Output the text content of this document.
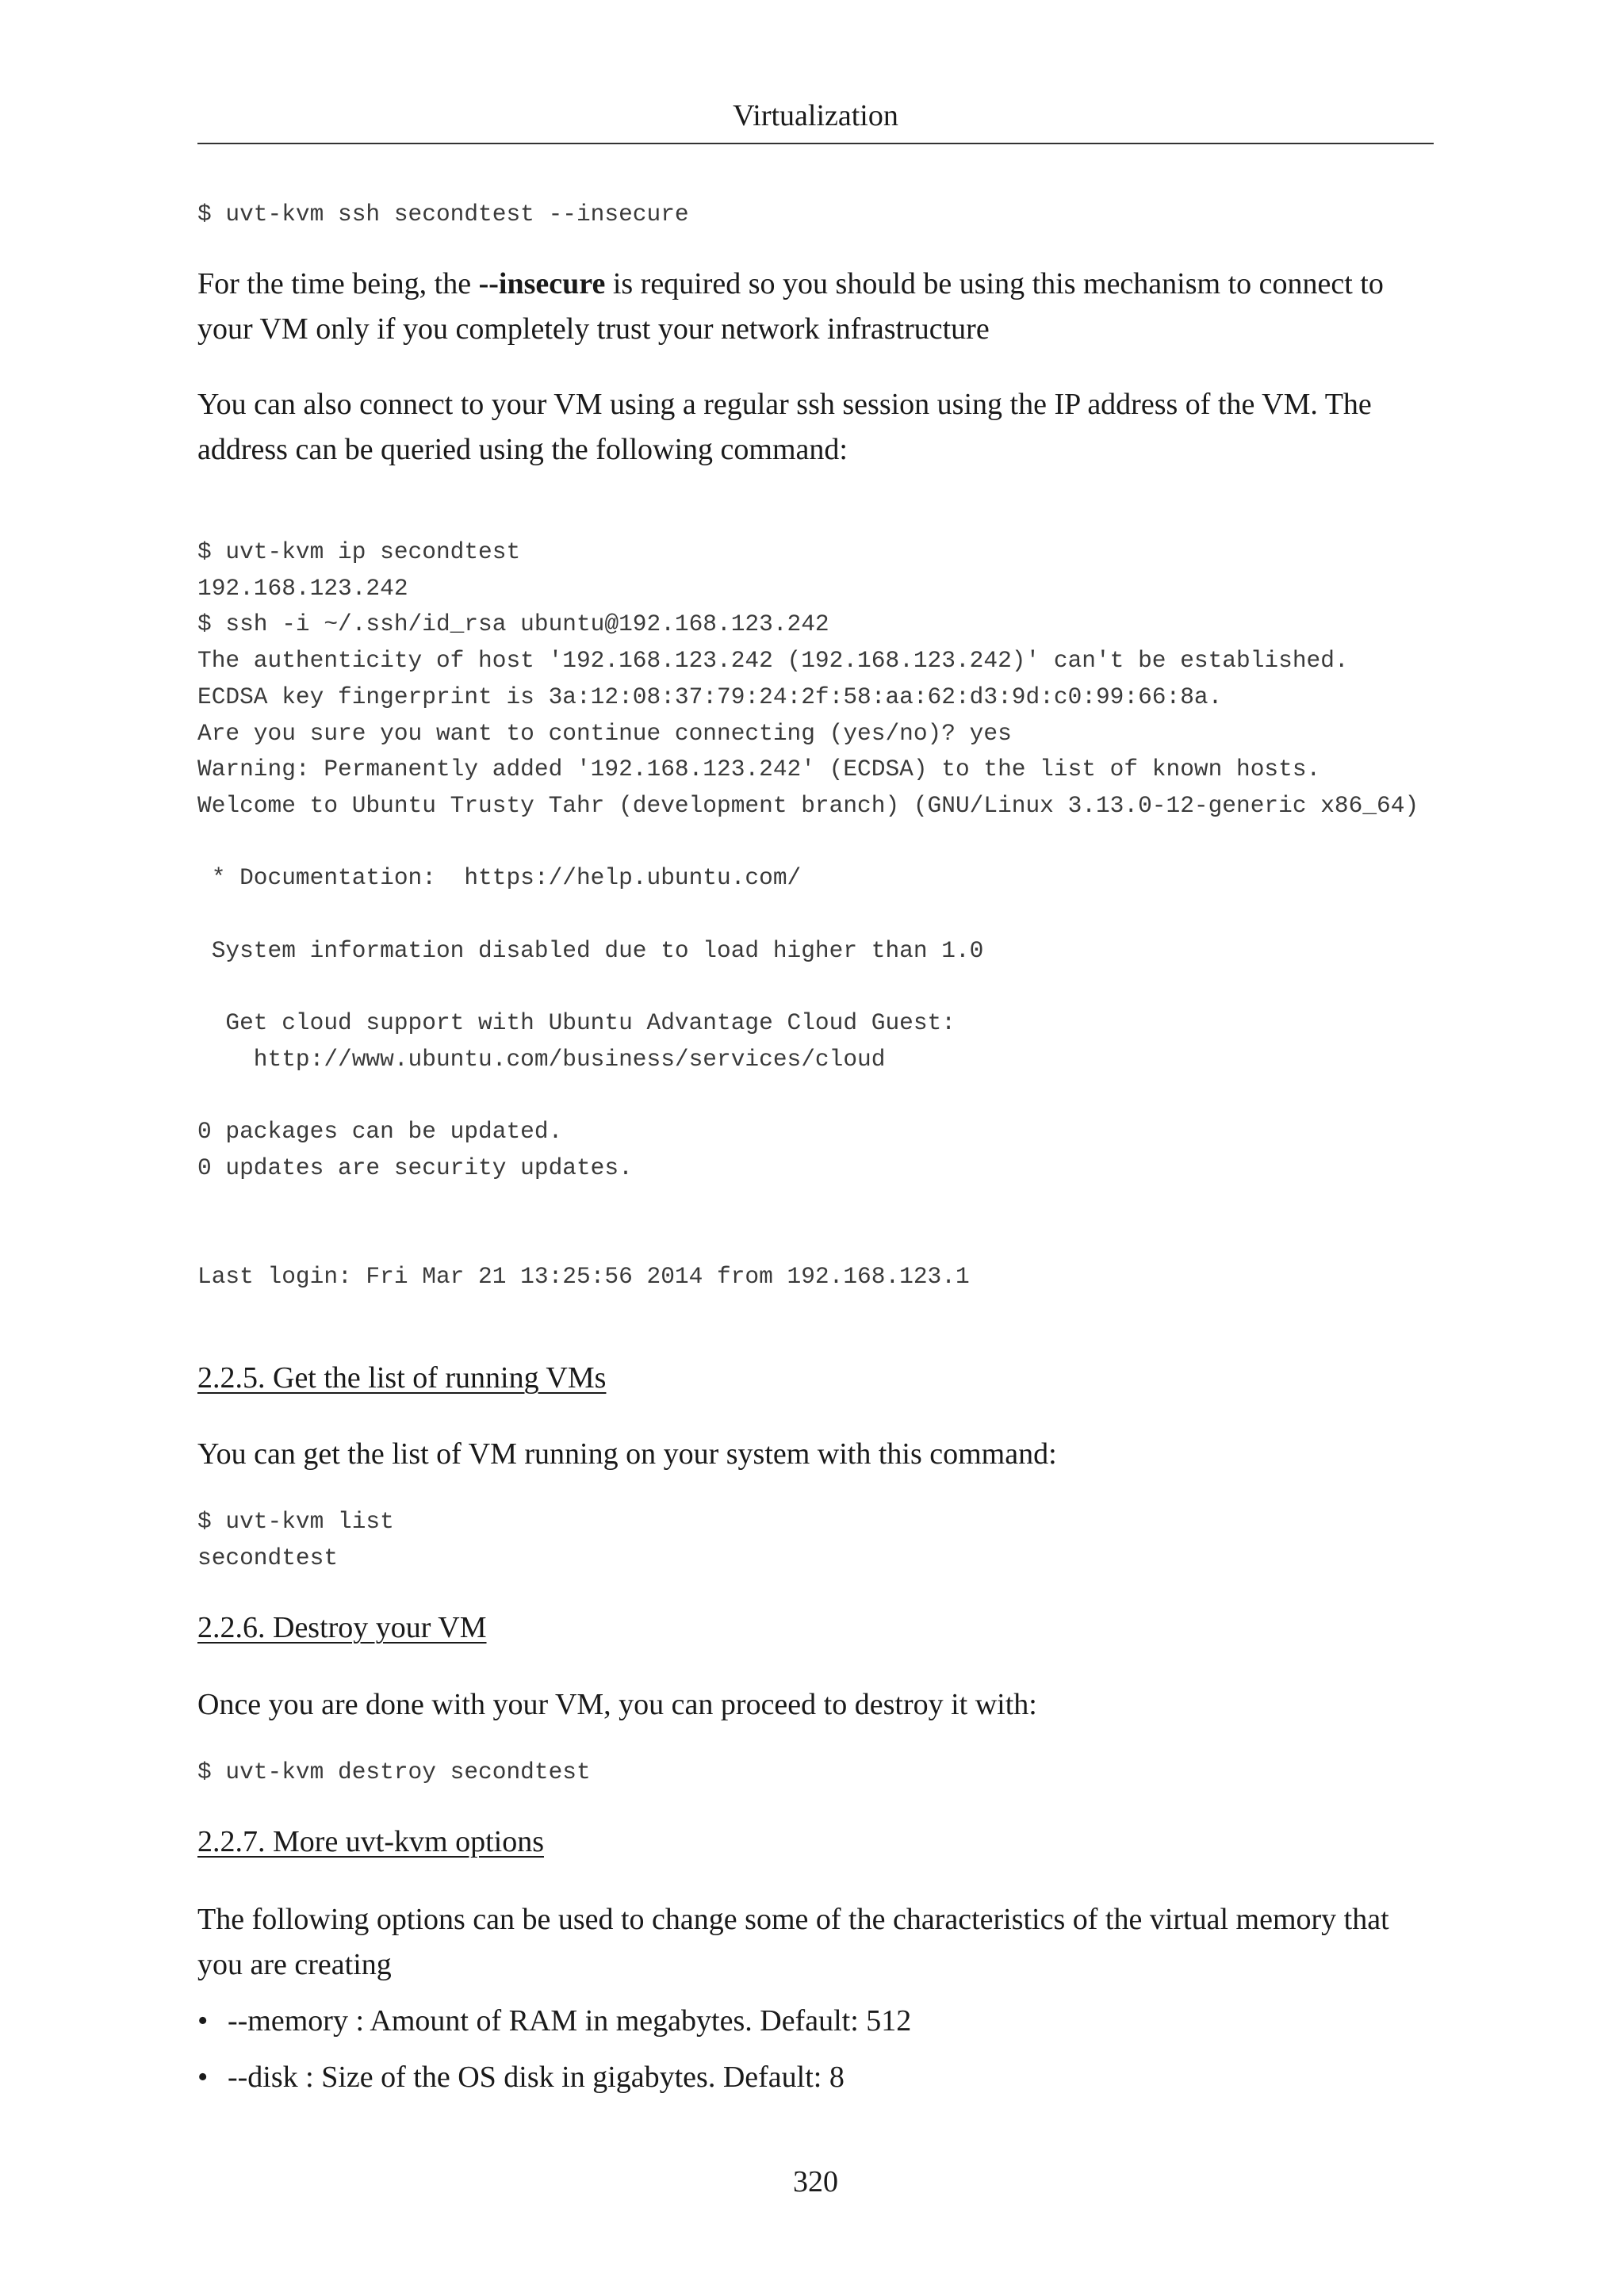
Virtualization
$ uvt-kvm ssh secondtest --insecure

For the time being, the --insecure is required so you should be using this mechanism to connect to your VM only if you completely trust your network infrastructure

You can also connect to your VM using a regular ssh session using the IP address of the VM. The address can be queried using the following command:

$ uvt-kvm ip secondtest
192.168.123.242
$ ssh -i ~/.ssh/id_rsa ubuntu@192.168.123.242
The authenticity of host '192.168.123.242 (192.168.123.242)' can't be established.
ECDSA key fingerprint is 3a:12:08:37:79:24:2f:58:aa:62:d3:9d:c0:99:66:8a.
Are you sure you want to continue connecting (yes/no)? yes
Warning: Permanently added '192.168.123.242' (ECDSA) to the list of known hosts.
Welcome to Ubuntu Trusty Tahr (development branch) (GNU/Linux 3.13.0-12-generic x86_64)

* Documentation:  https://help.ubuntu.com/

System information disabled due to load higher than 1.0

Get cloud support with Ubuntu Advantage Cloud Guest:
http://www.ubuntu.com/business/services/cloud

0 packages can be updated.
0 updates are security updates.

Last login: Fri Mar 21 13:25:56 2014 from 192.168.123.1
2.2.5. Get the list of running VMs

You can get the list of VM running on your system with this command:

$ uvt-kvm list
secondtest
2.2.6. Destroy your VM

Once you are done with your VM, you can proceed to destroy it with:

$ uvt-kvm destroy secondtest
2.2.7. More uvt-kvm options

The following options can be used to change some of the characteristics of the virtual memory that you are creating

• --memory : Amount of RAM in megabytes. Default: 512
• --disk : Size of the OS disk in gigabytes. Default: 8
320
